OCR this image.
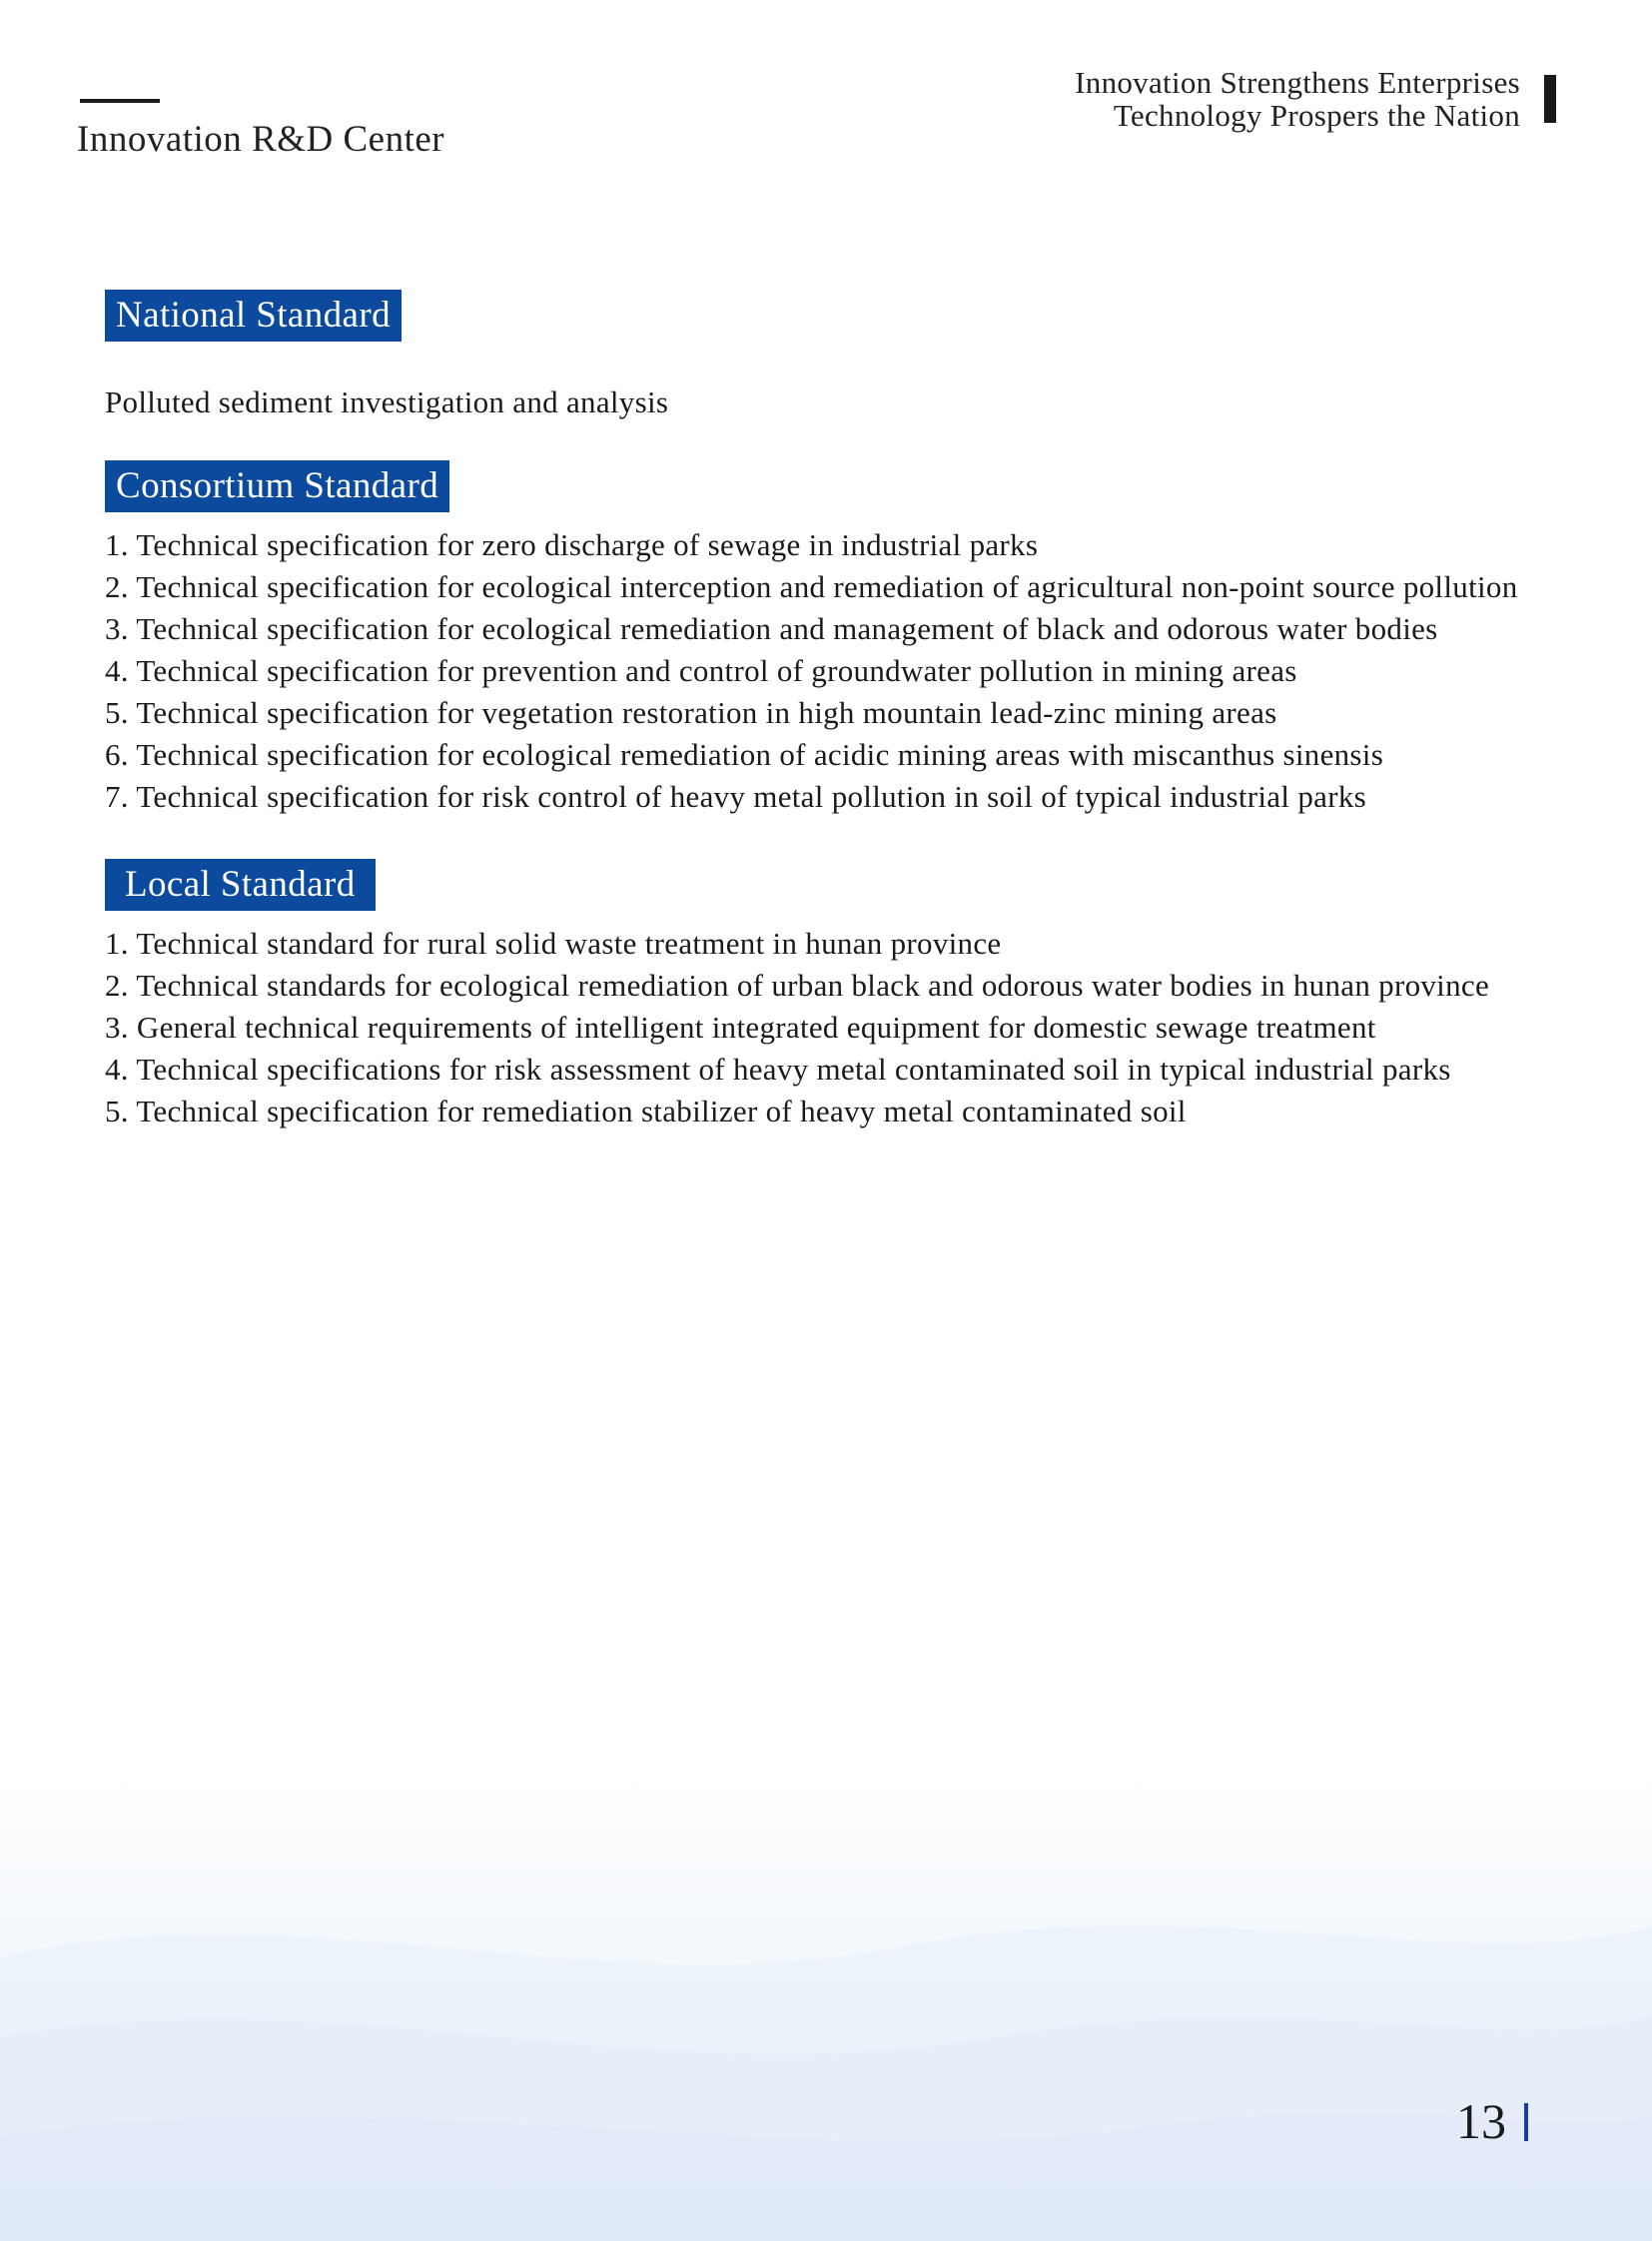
Innovation R&D Center
Innovation Strengthens Enterprises
Technology Prospers the Nation
National Standard

Polluted sediment investigation and analysis

Consortium Standard
1. Technical specification for zero discharge of sewage in industrial parks
2. Technical specification for ecological interception and remediation of agricultural non-point source pollution
3. Technical specification for ecological remediation and management of black and odorous water bodies
4. Technical specification for prevention and control of groundwater pollution in mining areas
5. Technical specification for vegetation restoration in high mountain lead-zinc mining areas
6. Technical specification for ecological remediation of acidic mining areas with miscanthus sinensis
7. Technical specification for risk control of heavy metal pollution in soil of typical industrial parks
Local Standard
1. Technical standard for rural solid waste treatment in hunan province
2. Technical standards for ecological remediation of urban black and odorous water bodies in hunan province
3. General technical requirements of intelligent integrated equipment for domestic sewage treatment
4. Technical specifications for risk assessment of heavy metal contaminated soil in typical industrial parks
5. Technical specification for remediation stabilizer of heavy metal contaminated soil
13
